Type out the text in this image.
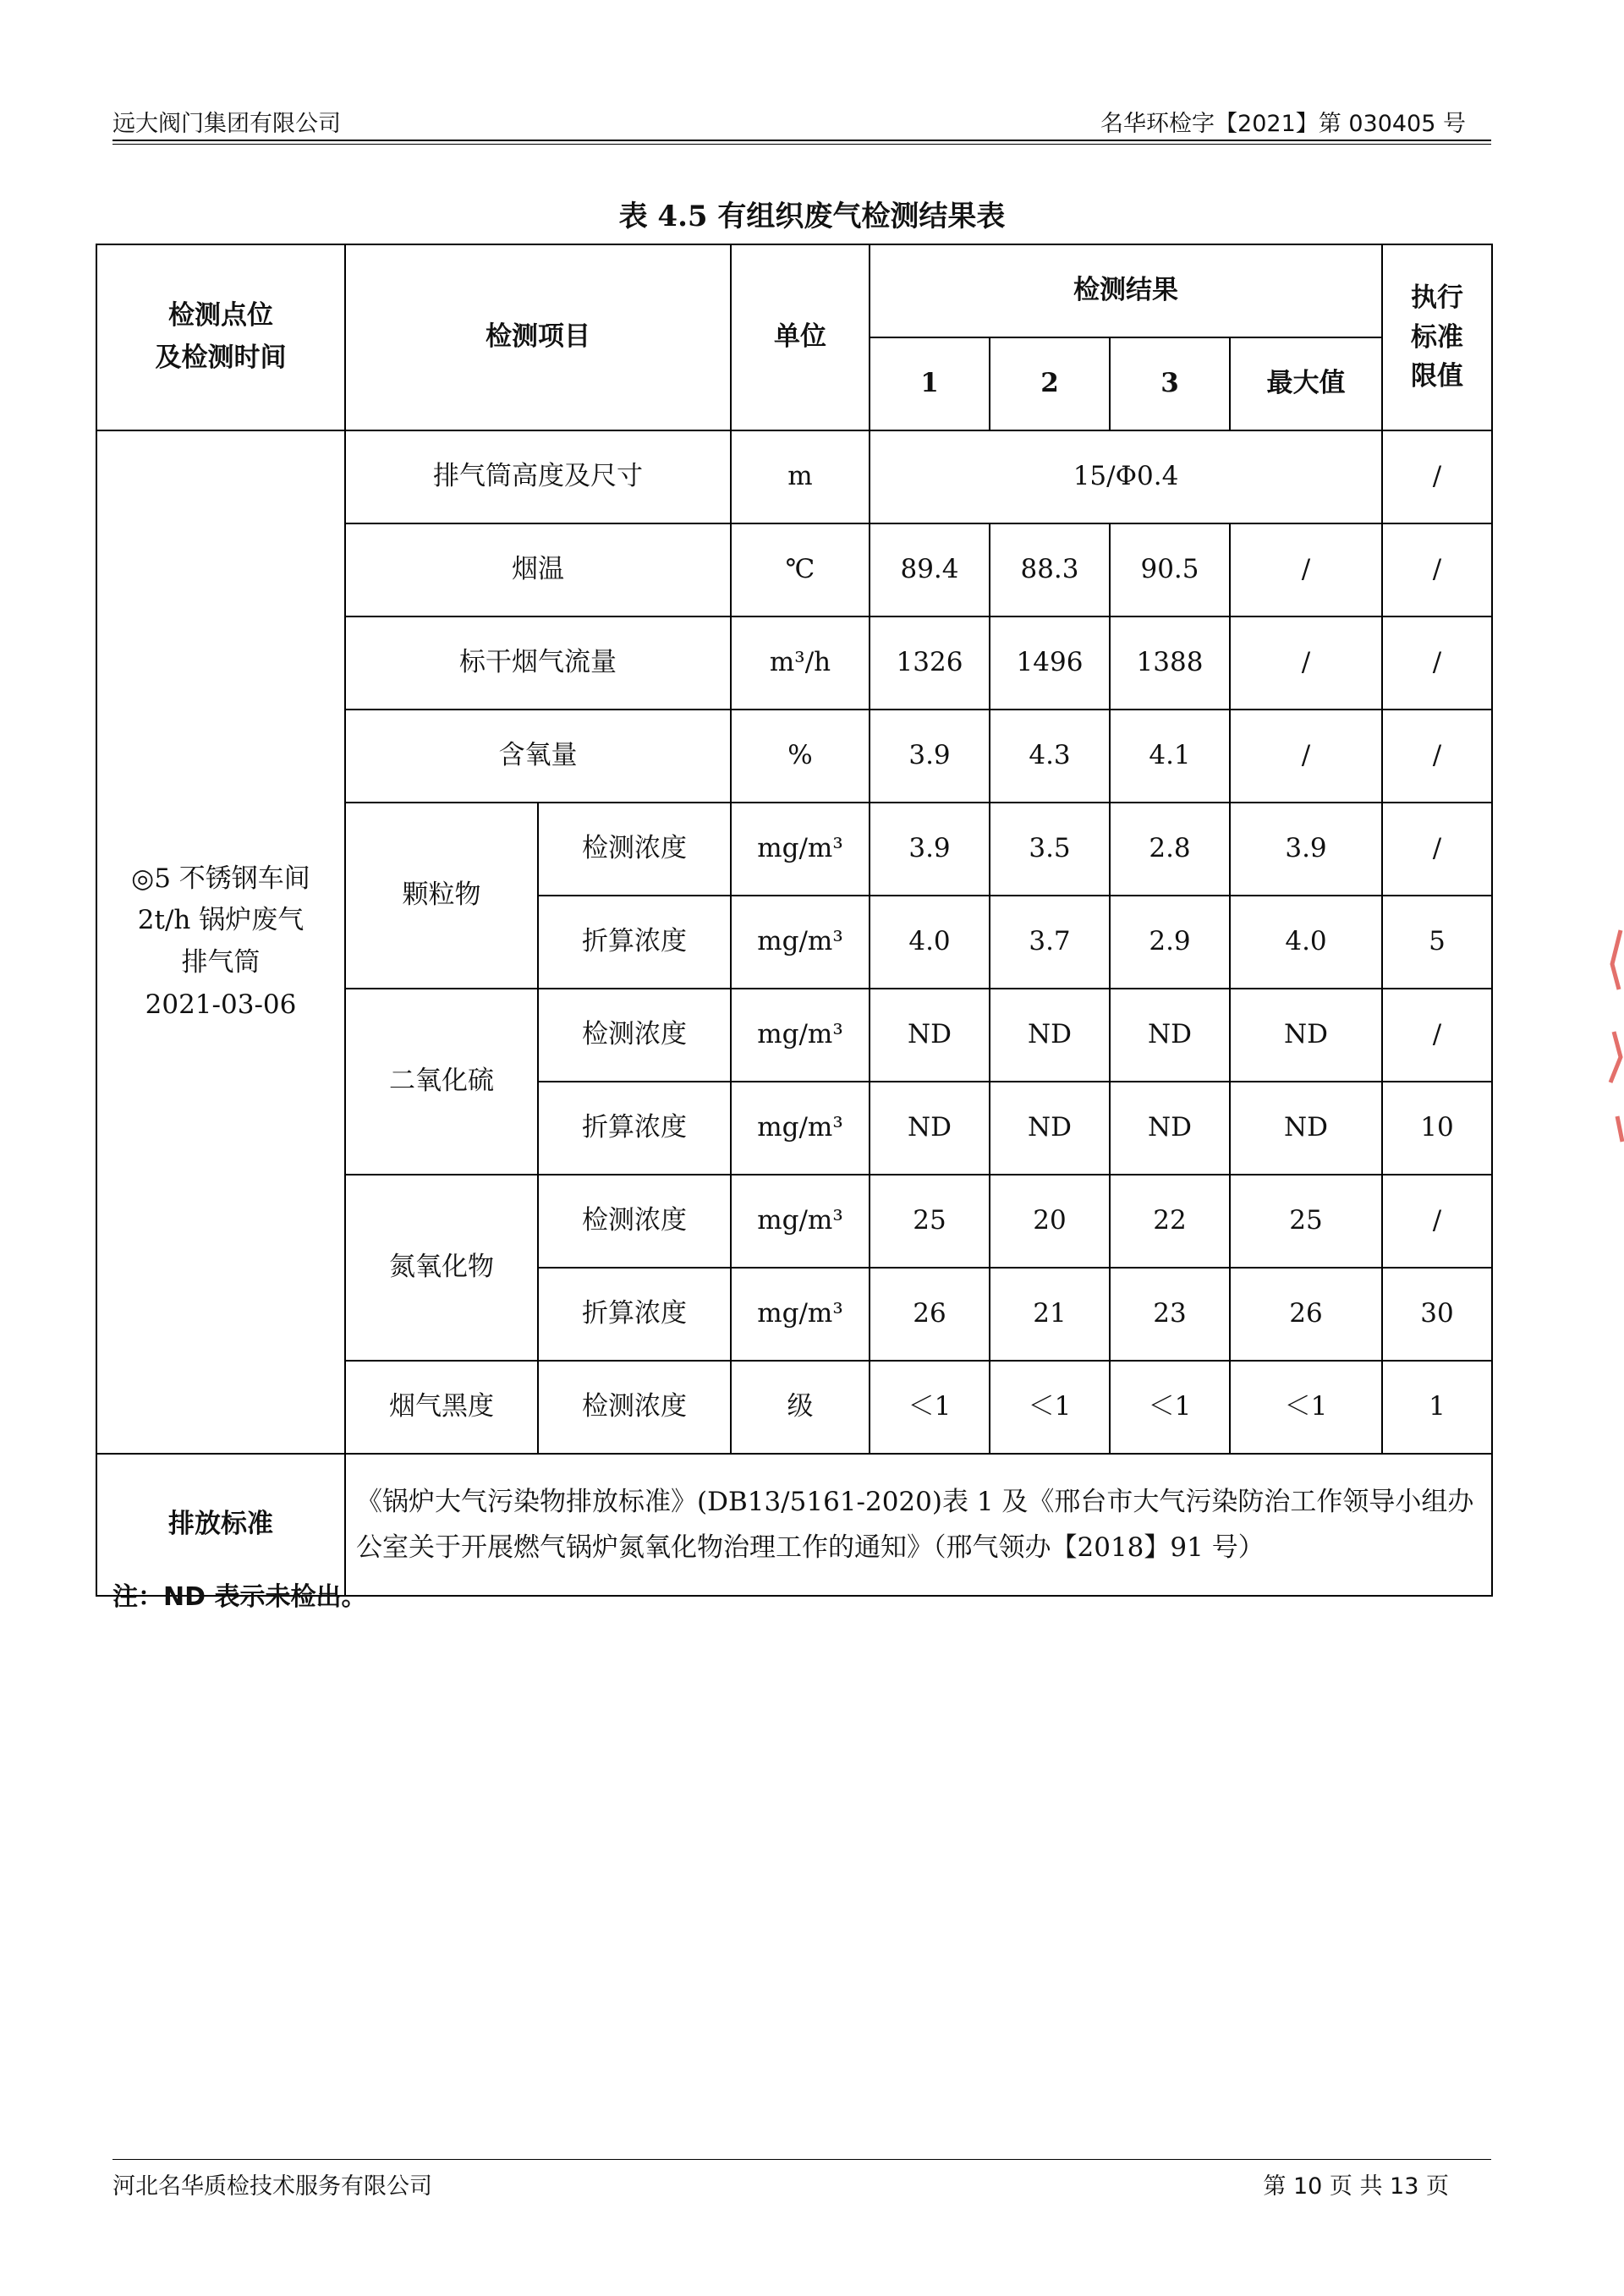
远大阀门集团有限公司	名华环检字【2021】第 030405 号
表 4.5 有组织废气检测结果表
检测点位
及检测时间	检测项目		单位	检测结果				执行
标准
限值
				1	2	3	最大值	
◎5 不锈钢车间
2t/h 锅炉废气
排气筒
2021-03-06	排气筒高度及尺寸		m	15/Φ0.4				/
	烟温		℃	89.4	88.3	90.5	/	/
	标干烟气流量		m³/h	1326	1496	1388	/	/
	含氧量		%	3.9	4.3	4.1	/	/
	颗粒物	检测浓度	mg/m³	3.9	3.5	2.8	3.9	/
		折算浓度	mg/m³	4.0	3.7	2.9	4.0	5
	二氧化硫	检测浓度	mg/m³	ND	ND	ND	ND	/
		折算浓度	mg/m³	ND	ND	ND	ND	10
	氮氧化物	检测浓度	mg/m³	25	20	22	25	/
		折算浓度	mg/m³	26	21	23	26	30
	烟气黑度	检测浓度	级	＜1	＜1	＜1	＜1	1
排放标准	《锅炉大气污染物排放标准》(DB13/5161-2020)表 1 及《邢台市大气污染防治工作领导小组办公室关于开展燃气锅炉氮氧化物治理工作的通知》（邢气领办【2018】91 号）							
注：ND 表示未检出。
河北名华质检技术服务有限公司	第 10 页 共 13 页
